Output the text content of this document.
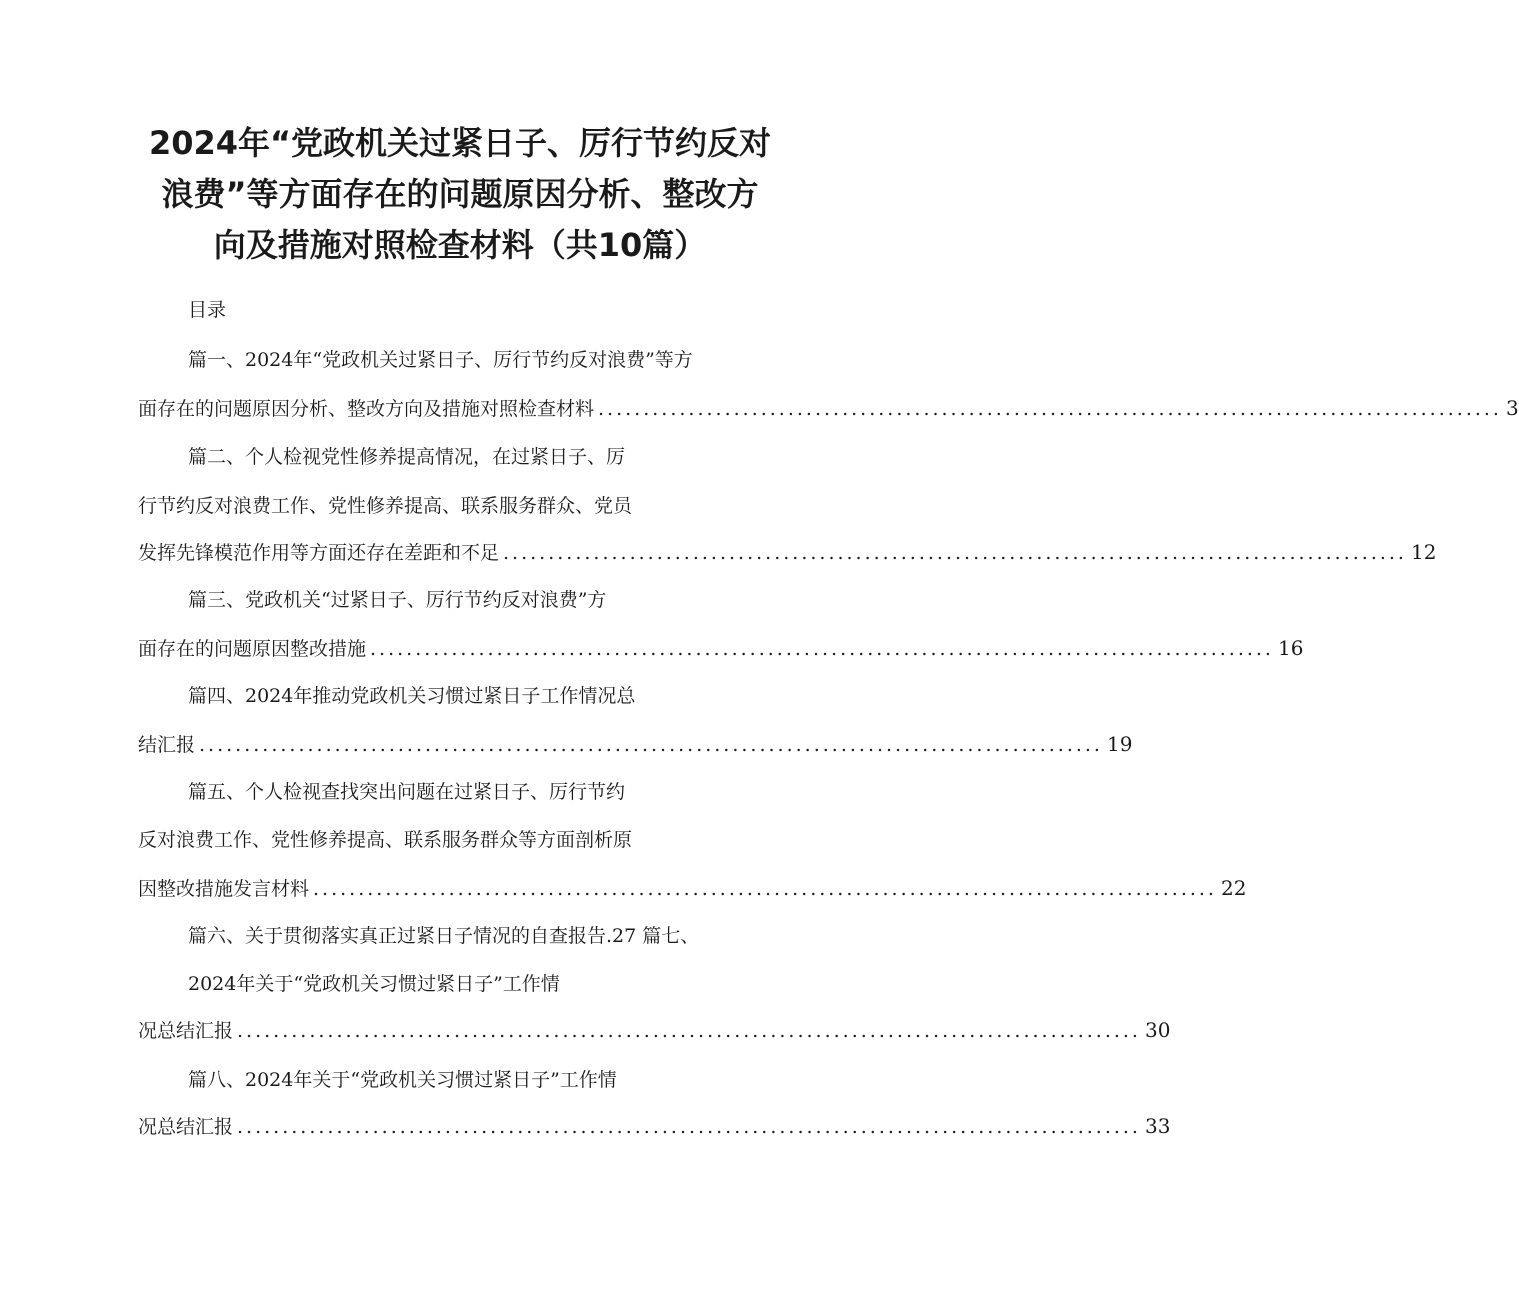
2024年“党政机关过紧日子、厉行节约反对
浪费”等方面存在的问题原因分析、整改方
向及措施对照检查材料（共10篇）
目录
篇一、2024年“党政机关过紧日子、厉行节约反对浪费”等方
面存在的问题原因分析、整改方向及措施对照检查材料 .................................................................................................... 3
篇二、个人检视党性修养提高情况，在过紧日子、厉
行节约反对浪费工作、党性修养提高、联系服务群众、党员
发挥先锋模范作用等方面还存在差距和不足 .................................................................................................... 12
篇三、党政机关“过紧日子、厉行节约反对浪费”方
面存在的问题原因整改措施 .................................................................................................... 16
篇四、2024年推动党政机关习惯过紧日子工作情况总
结汇报 .................................................................................................... 19
篇五、个人检视查找突出问题在过紧日子、厉行节约
反对浪费工作、党性修养提高、联系服务群众等方面剖析原
因整改措施发言材料 .................................................................................................... 22
篇六、关于贯彻落实真正过紧日子情况的自查报告.27 篇七、
2024年关于“党政机关习惯过紧日子”工作情
况总结汇报 .................................................................................................... 30
篇八、2024年关于“党政机关习惯过紧日子”工作情
况总结汇报 .................................................................................................... 33
